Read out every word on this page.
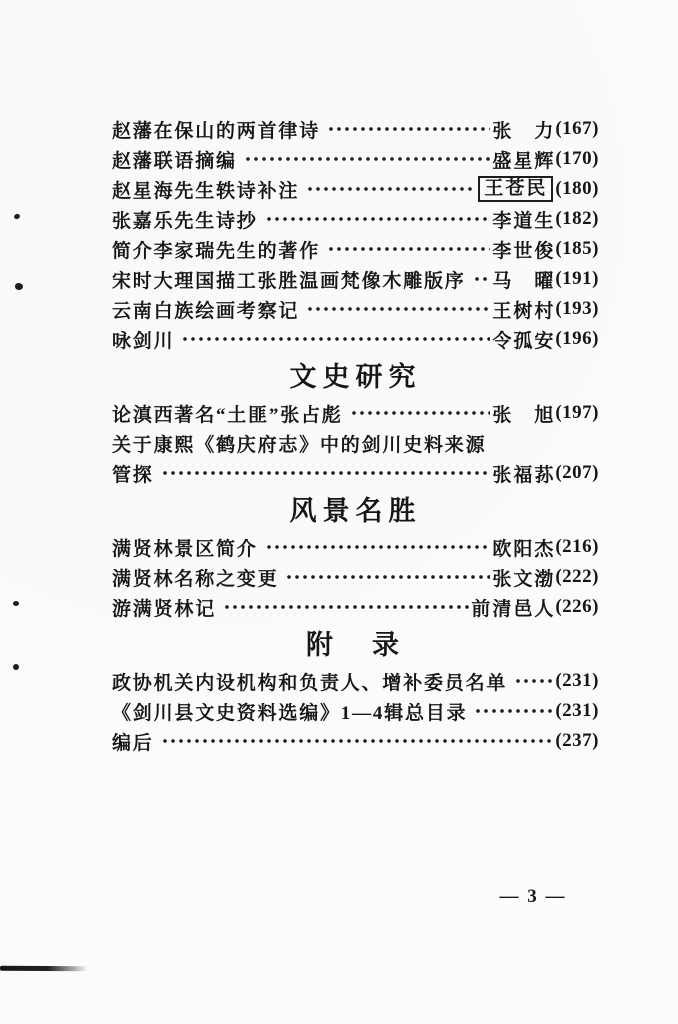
赵藩在保山的两首律诗	张　力 (167)
赵藩联语摘编	盛星辉 (170)
赵星海先生轶诗补注	王苍民 (180)
张嘉乐先生诗抄	李道生 (182)
简介李家瑞先生的著作	李世俊 (185)
宋时大理国描工张胜温画梵像木雕版序 马　曜 (191)
云南白族绘画考察记	王树村 (193)
咏剑川	令孤安 (196)
文史研究
论滇西著名“土匪”张占彪	张　旭 (197)
关于康熙《鹤庆府志》中的剑川史料来源
管探	张福荪 (207)
风景名胜
满贤林景区简介	欧阳杰 (216)
满贤林名称之变更	张文渤 (222)
游满贤林记	前清邑人 (226)
附　录
政协机关内设机构和负责人、增补委员名单	(231)
《剑川县文史资料选编》1—4辑总目录	(231)
编后	(237)
— 3 —
